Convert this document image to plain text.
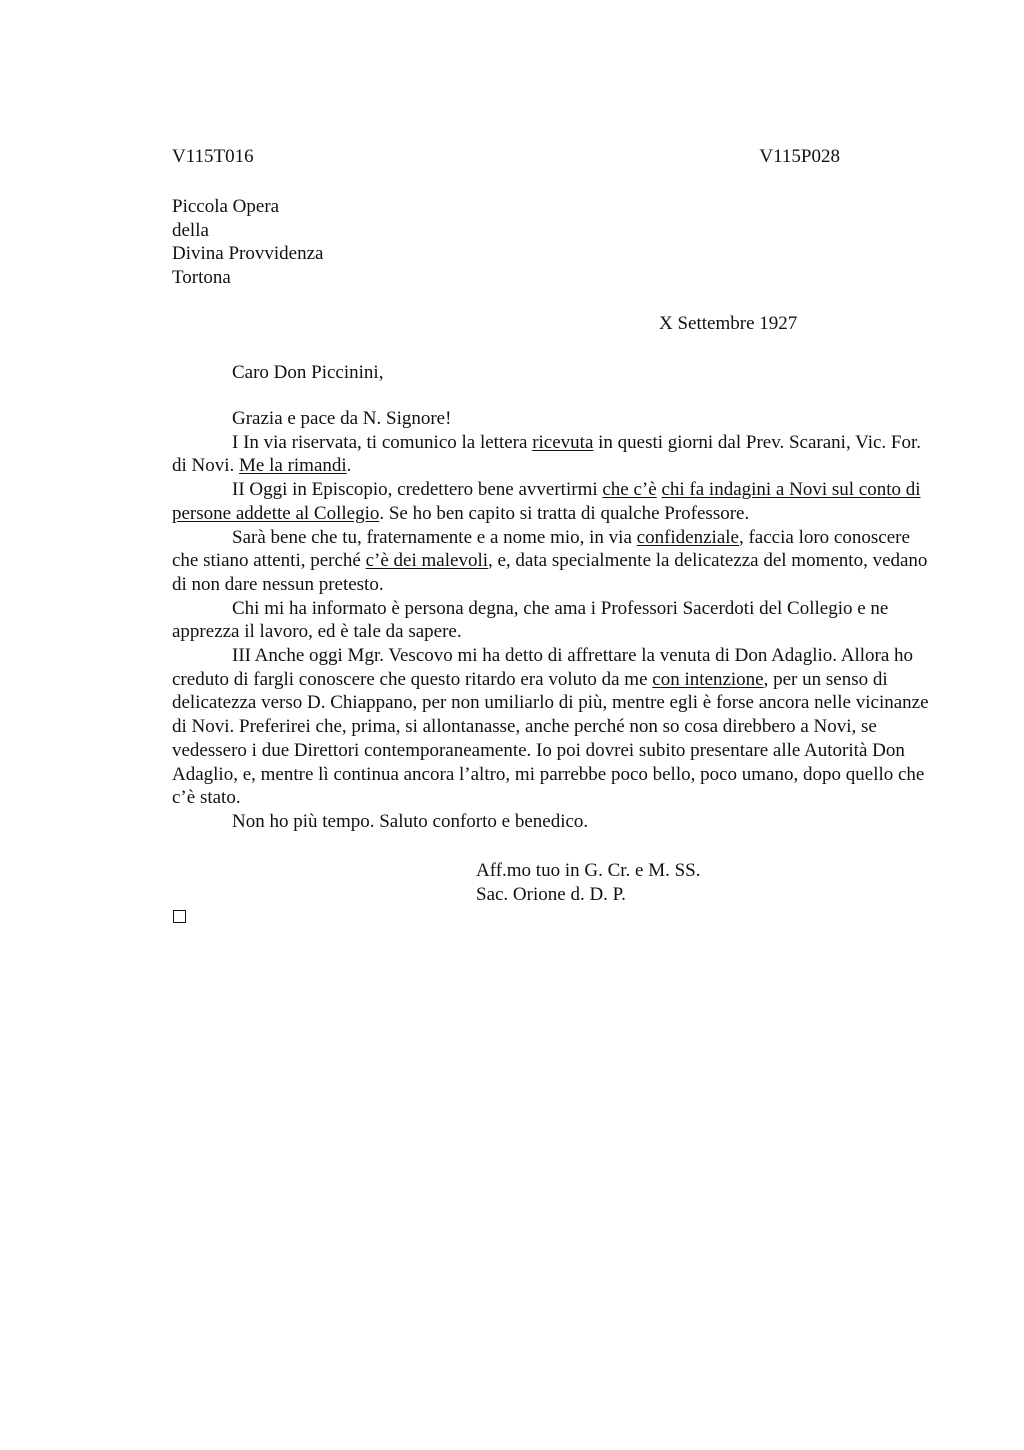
V115T016	V115P028
Piccola Opera
della
Divina Provvidenza
Tortona
X Settembre 1927
Caro Don Piccinini,

Grazia e pace da N. Signore!

I In via riservata, ti comunico la lettera ricevuta in questi giorni dal Prev. Scarani, Vic. For. di Novi. Me la rimandi.

II Oggi in Episcopio, credettero bene avvertirmi che c’è chi fa indagini a Novi sul conto di persone addette al Collegio. Se ho ben capito si tratta di qualche Professore.

Sarà bene che tu, fraternamente e a nome mio, in via confidenziale, faccia loro conoscere che stiano attenti, perché c’è dei malevoli, e, data specialmente la delicatezza del momento, vedano di non dare nessun pretesto.

Chi mi ha informato è persona degna, che ama i Professori Sacerdoti del Collegio e ne apprezza il lavoro, ed è tale da sapere.

III Anche oggi Mgr. Vescovo mi ha detto di affrettare la venuta di Don Adaglio. Allora ho creduto di fargli conoscere che questo ritardo era voluto da me con intenzione, per un senso di delicatezza verso D. Chiappano, per non umiliarlo di più, mentre egli è forse ancora nelle vicinanze di Novi. Preferirei che, prima, si allontanasse, anche perché non so cosa direbbero a Novi, se vedessero i due Direttori contemporaneamente. Io poi dovrei subito presentare alle Autorità Don Adaglio, e, mentre lì continua ancora l’altro, mi parrebbe poco bello, poco umano, dopo quello che c’è stato.

Non ho più tempo. Saluto conforto e benedico.

Aff.mo tuo in G. Cr. e M. SS.
Sac. Orione d. D. P.
